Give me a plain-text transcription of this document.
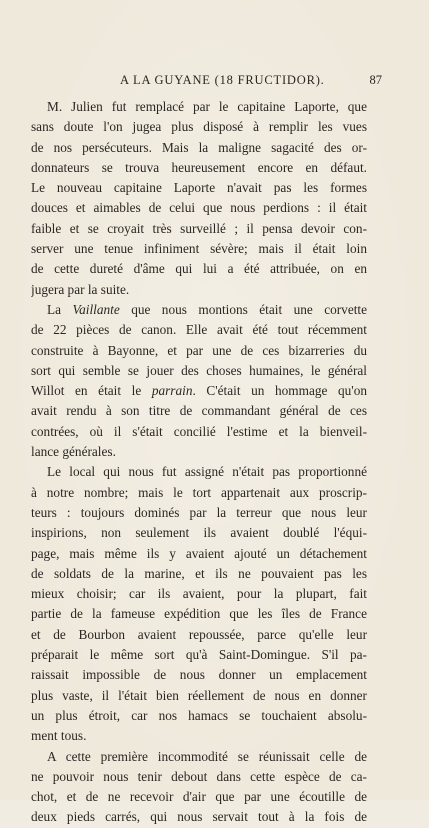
A LA GUYANE (18 FRUCTIDOR).	87
M. Julien fut remplacé par le capitaine Laporte, que
sans doute l'on jugea plus disposé à remplir les vues
de nos persécuteurs. Mais la maligne sagacité des or-
donnateurs se trouva heureusement encore en défaut.
Le nouveau capitaine Laporte n'avait pas les formes
douces et aimables de celui que nous perdions : il était
faible et se croyait très surveillé ; il pensa devoir con-
server une tenue infiniment sévère; mais il était loin
de cette dureté d'âme qui lui a été attribuée, on en
jugera par la suite.
La Vaillante que nous montions était une corvette
de 22 pièces de canon. Elle avait été tout récemment
construite à Bayonne, et par une de ces bizarreries du
sort qui semble se jouer des choses humaines, le général
Willot en était le parrain. C'était un hommage qu'on
avait rendu à son titre de commandant général de ces
contrées, où il s'était concilié l'estime et la bienveil-
lance générales.
Le local qui nous fut assigné n'était pas proportionné
à notre nombre; mais le tort appartenait aux proscrip-
teurs : toujours dominés par la terreur que nous leur
inspirions, non seulement ils avaient doublé l'équi-
page, mais même ils y avaient ajouté un détachement
de soldats de la marine, et ils ne pouvaient pas les
mieux choisir; car ils avaient, pour la plupart, fait
partie de la fameuse expédition que les îles de France
et de Bourbon avaient repoussée, parce qu'elle leur
préparait le même sort qu'à Saint-Domingue. S'il pa-
raissait impossible de nous donner un emplacement
plus vaste, il l'était bien réellement de nous en donner
un plus étroit, car nos hamacs se touchaient absolu-
ment tous.
A cette première incommodité se réunissait celle de
ne pouvoir nous tenir debout dans cette espèce de ca-
chot, et de ne recevoir d'air que par une écoutille de
deux pieds carrés, qui nous servait tout à la fois de
